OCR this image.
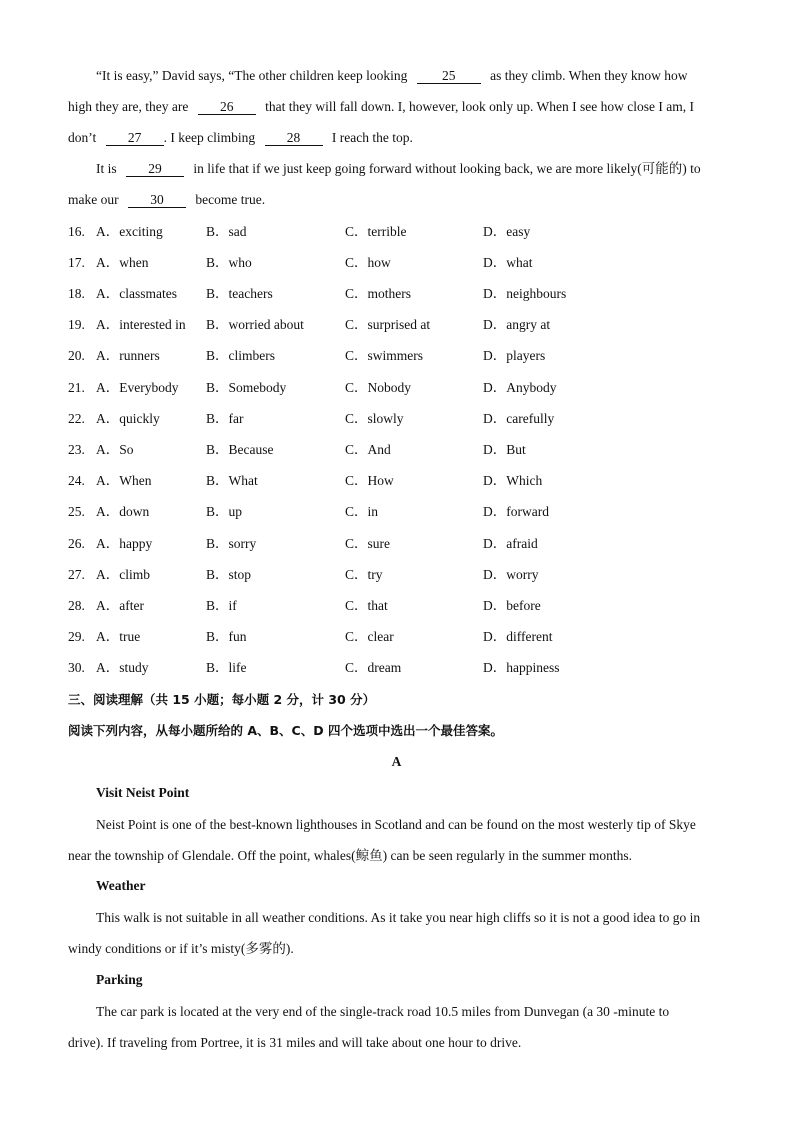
“It is easy,” David says, “The other children keep looking	25	as they climb. When they know how
high they are, they are 26 that they will fall down. I, however, look only up. When I see how close I am, I
don’t 27 . I keep climbing 28 I reach the top.
It is 29 in life that if we just keep going forward without looking back, we are more likely(可能的) to
make our 30 become true.
16. A．exciting	B．sad	C．terrible	D．easy
17. A．when	B．who	C．how	D．what
18. A．classmates B．teachers	C．mothers	D．neighbours
19. A．interested in B．worried about	C．surprised at	D．angry at
20. A．runners	B．climbers	C．swimmers	D．players
21. A．Everybody B．Somebody	C．Nobody	D．Anybody
22. A．quickly	B．far	C．slowly	D．carefully
23. A．So	B．Because	C．And	D．But
24. A．When	B．What	C．How	D．Which
25. A．down	B．up	C．in	D．forward
26. A．happy	B．sorry	C．sure	D．afraid
27. A．climb	B．stop	C．try	D．worry
28. A．after	B．if	C．that	D．before
29. A．true	B．fun	C．clear	D．different
30. A．study	B．life	C．dream	D．happiness
三、阅读理解（共 15 小题；每小题 2 分，计 30 分）
阅读下列内容，从每小题所给的 A、B、C、D 四个选项中选出一个最佳答案。
A
Visit Neist Point
Neist Point is one of the best-known lighthouses in Scotland and can be found on the most westerly tip of Skye
near the township of Glendale. Off the point, whales(鲸鱼) can be seen regularly in the summer months.
Weather
This walk is not suitable in all weather conditions. As it take you near high cliffs so it is not a good idea to go in
windy conditions or if it’s misty(多雾的).
Parking
The car park is located at the very end of the single-track road 10.5 miles from Dunvegan (a 30 -minute to
drive). If traveling from Portree, it is 31 miles and will take about one hour to drive.
